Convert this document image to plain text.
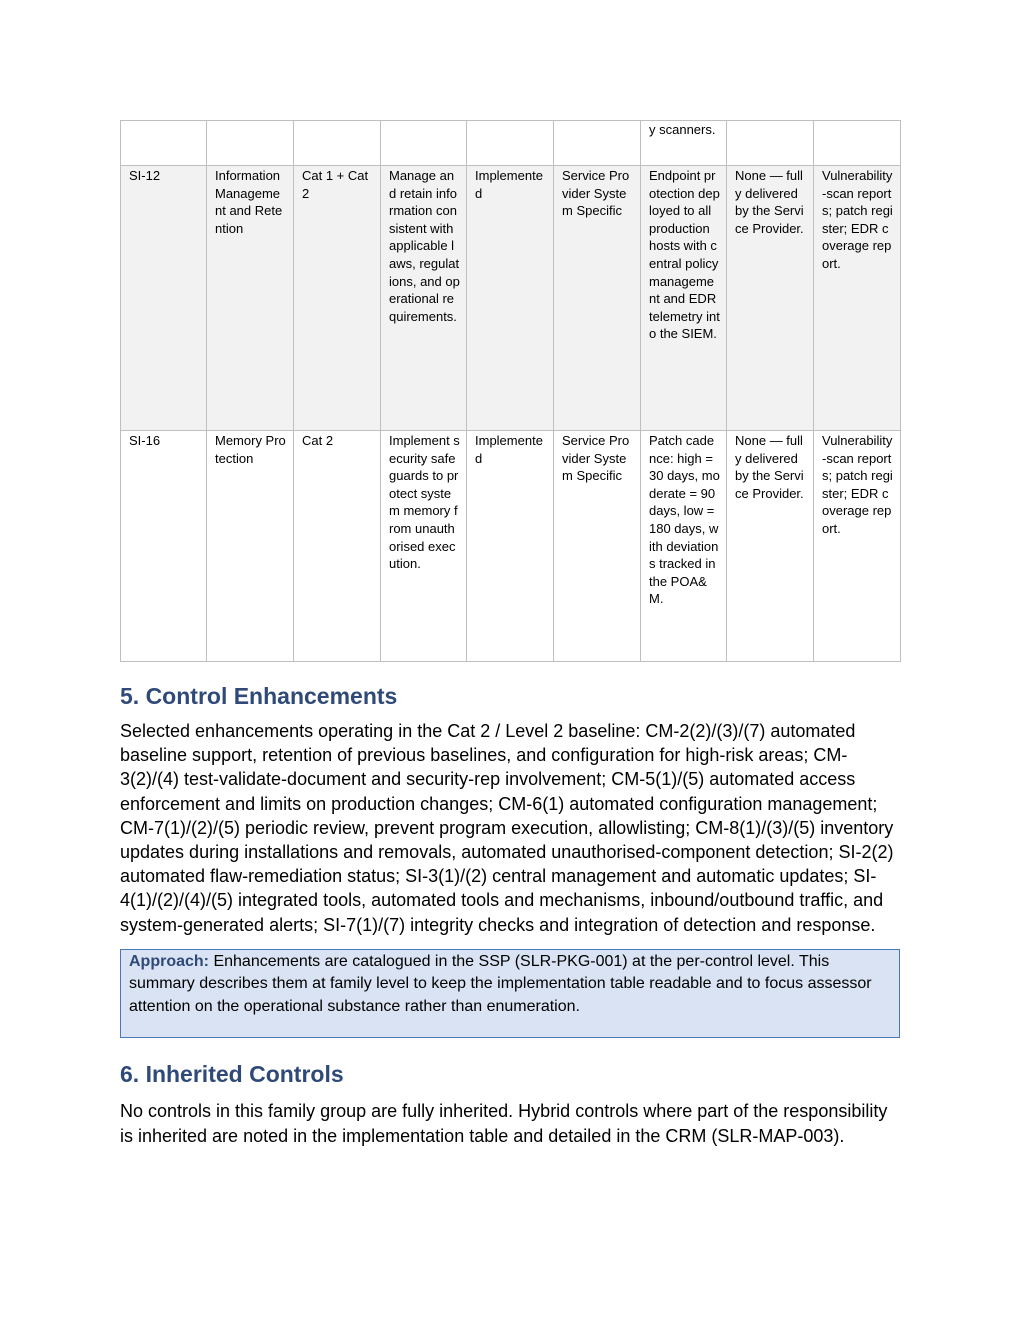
						y scanners.		
SI-12	Information Management and Retention	Cat 1 + Cat 2	Manage and retain information consistent with applicable laws, regulations, and operational requirements.	Implemented	Service Provider System Specific	Endpoint protection deployed to all production hosts with central policy management and EDR telemetry into the SIEM.	None — fully delivered by the Service Provider.	Vulnerability-scan reports; patch register; EDR coverage report.
SI-16	Memory Protection	Cat 2	Implement security safeguards to protect system memory from unauthorised execution.	Implemented	Service Provider System Specific	Patch cadence: high = 30 days, moderate = 90 days, low = 180 days, with deviations tracked in the POA&M.	None — fully delivered by the Service Provider.	Vulnerability-scan reports; patch register; EDR coverage report.
5. Control Enhancements

Selected enhancements operating in the Cat 2 / Level 2 baseline: CM-2(2)/(3)/(7) automated baseline support, retention of previous baselines, and configuration for high-risk areas; CM-3(2)/(4) test-validate-document and security-rep involvement; CM-5(1)/(5) automated access enforcement and limits on production changes; CM-6(1) automated configuration management; CM-7(1)/(2)/(5) periodic review, prevent program execution, allowlisting; CM-8(1)/(3)/(5) inventory updates during installations and removals, automated unauthorised-component detection; SI-2(2) automated flaw-remediation status; SI-3(1)/(2) central management and automatic updates; SI-4(1)/(2)/(4)/(5) integrated tools, automated tools and mechanisms, inbound/outbound traffic, and system-generated alerts; SI-7(1)/(7) integrity checks and integration of detection and response.

Approach: Enhancements are catalogued in the SSP (SLR-PKG-001) at the per-control level. This summary describes them at family level to keep the implementation table readable and to focus assessor attention on the operational substance rather than enumeration.
6. Inherited Controls

No controls in this family group are fully inherited. Hybrid controls where part of the responsibility is inherited are noted in the implementation table and detailed in the CRM (SLR-MAP-003).
